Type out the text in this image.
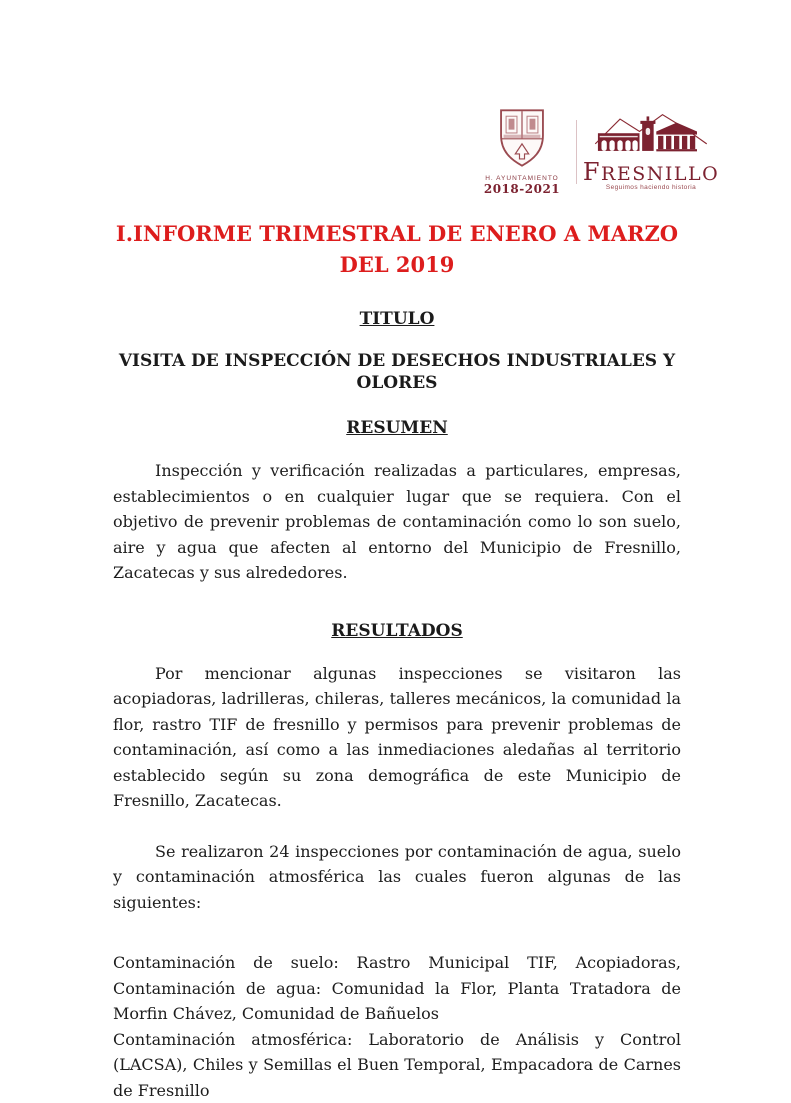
H. AYUNTAMIENTO
2018-2021
FRESNILLO
Seguimos haciendo historia
I.INFORME TRIMESTRAL DE ENERO A MARZO DEL 2019
TITULO

VISITA DE INSPECCIÓN DE DESECHOS INDUSTRIALES Y OLORES

RESUMEN

Inspección y verificación realizadas a particulares, empresas, establecimientos o en cualquier lugar que se requiera. Con el objetivo de prevenir problemas de contaminación como lo son suelo, aire y agua que afecten al entorno del Municipio de Fresnillo, Zacatecas y sus alrededores.

RESULTADOS

Por mencionar algunas inspecciones se visitaron las acopiadoras, ladrilleras, chileras, talleres mecánicos, la comunidad la flor, rastro TIF de fresnillo y permisos para prevenir problemas de contaminación, así como a las inmediaciones aledañas al territorio establecido según su zona demográfica de este Municipio de Fresnillo, Zacatecas.

Se realizaron 24 inspecciones por contaminación de agua, suelo y contaminación atmosférica las cuales fueron algunas de las siguientes:

Contaminación de suelo: Rastro Municipal TIF, Acopiadoras, Contaminación de agua: Comunidad la Flor, Planta Tratadora de Morfin Chávez, Comunidad de Bañuelos

Contaminación atmosférica: Laboratorio de Análisis y Control (LACSA), Chiles y Semillas el Buen Temporal, Empacadora de Carnes de Fresnillo
